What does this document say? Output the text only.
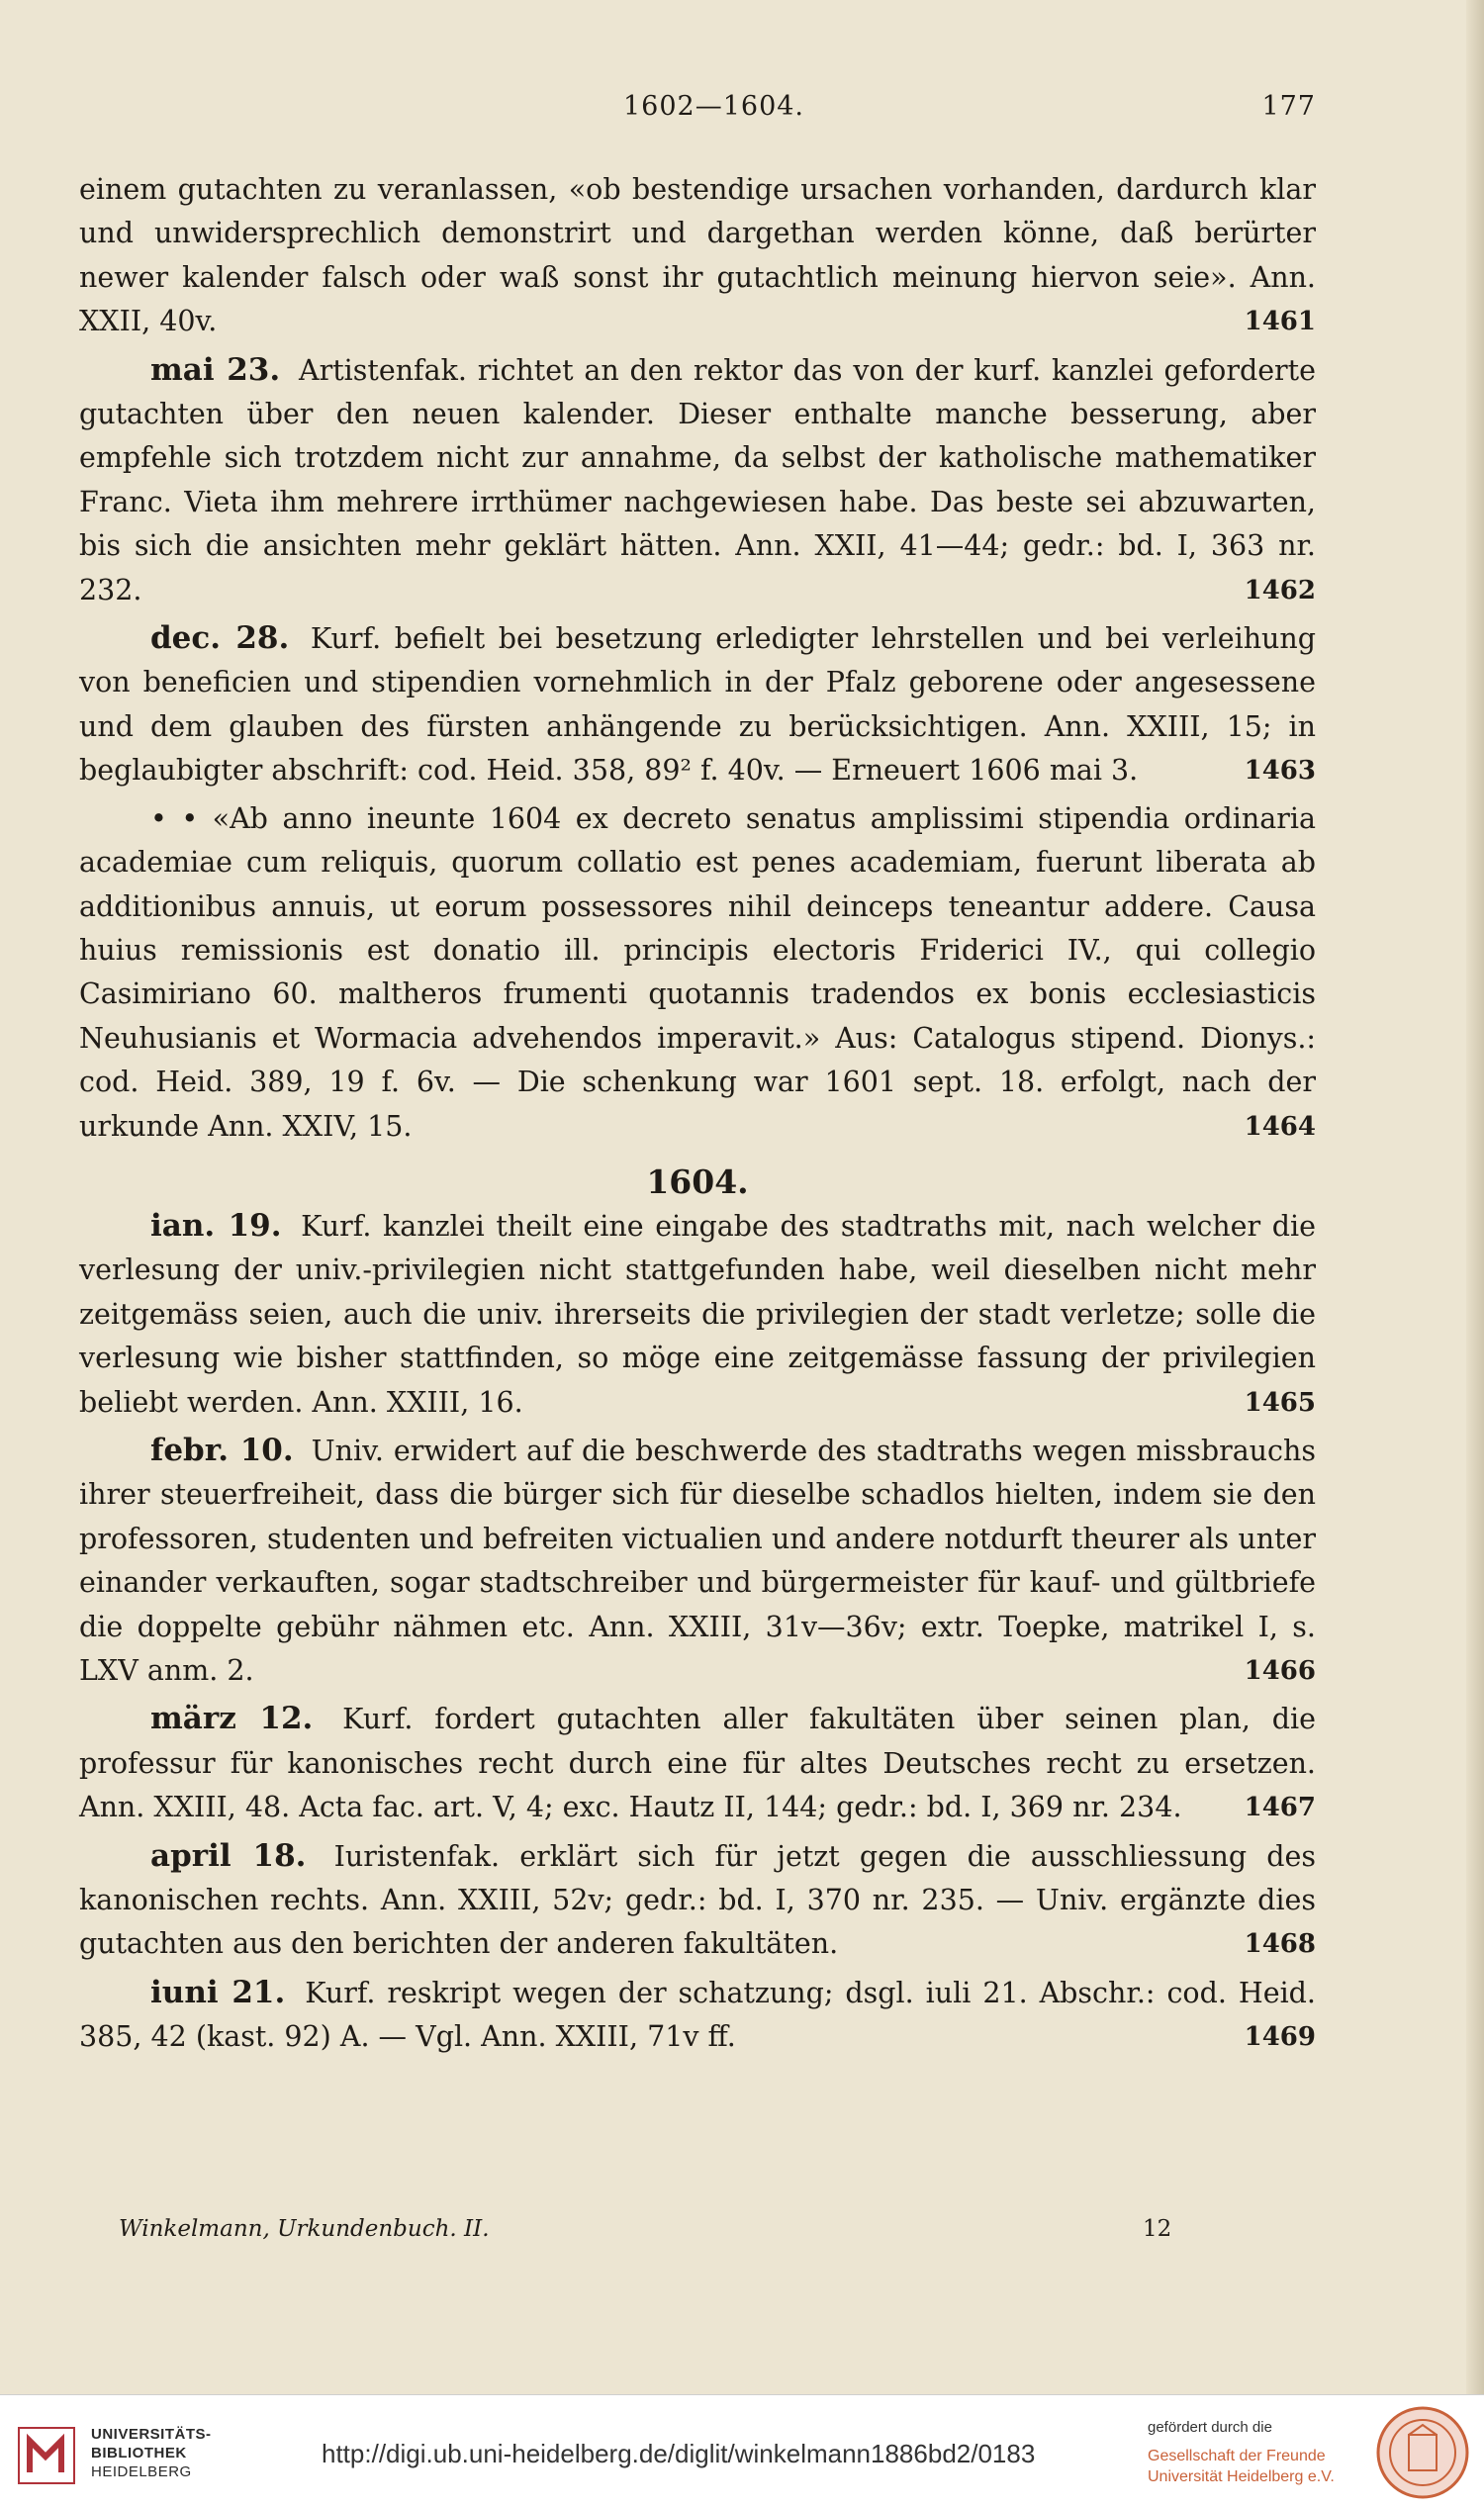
1602—1604.	177
einem gutachten zu veranlassen, «ob bestendige ursachen vorhanden, dardurch klar und unwidersprechlich demonstrirt und dargethan werden könne, daß berürter newer kalender falsch oder waß sonst ihr gutachtlich meinung hiervon seie». Ann. XXII, 40v.	1461
mai 23. Artistenfak. richtet an den rektor das von der kurf. kanzlei geforderte gutachten über den neuen kalender. Dieser enthalte manche besserung, aber empfehle sich trotzdem nicht zur annahme, da selbst der katholische mathematiker Franc. Vieta ihm mehrere irrthümer nachgewiesen habe. Das beste sei abzuwarten, bis sich die ansichten mehr geklärt hätten. Ann. XXII, 41—44; gedr.: bd. I, 363 nr. 232.	1462
dec. 28. Kurf. befielt bei besetzung erledigter lehrstellen und bei verleihung von beneficien und stipendien vornehmlich in der Pfalz geborene oder angesessene und dem glauben des fürsten anhängende zu berücksichtigen. Ann. XXIII, 15; in beglaubigter abschrift: cod. Heid. 358, 89² f. 40v. — Erneuert 1606 mai 3.	1463
• • «Ab anno ineunte 1604 ex decreto senatus amplissimi stipendia ordinaria academiae cum reliquis, quorum collatio est penes academiam, fuerunt liberata ab additionibus annuis, ut eorum possessores nihil deinceps teneantur addere. Causa huius remissionis est donatio ill. principis electoris Friderici IV., qui collegio Casimiriano 60. maltheros frumenti quotannis tradendos ex bonis ecclesiasticis Neuhusianis et Wormacia advehendos imperavit.» Aus: Catalogus stipend. Dionys.: cod. Heid. 389, 19 f. 6v. — Die schenkung war 1601 sept. 18. erfolgt, nach der urkunde Ann. XXIV, 15.	1464
1604.
ian. 19. Kurf. kanzlei theilt eine eingabe des stadtraths mit, nach welcher die verlesung der univ.-privilegien nicht stattgefunden habe, weil dieselben nicht mehr zeitgemäss seien, auch die univ. ihrerseits die privilegien der stadt verletze; solle die verlesung wie bisher stattfinden, so möge eine zeitgemässe fassung der privilegien beliebt werden. Ann. XXIII, 16.	1465
febr. 10. Univ. erwidert auf die beschwerde des stadtraths wegen missbrauchs ihrer steuerfreiheit, dass die bürger sich für dieselbe schadlos hielten, indem sie den professoren, studenten und befreiten victualien und andere notdurft theurer als unter einander verkauften, sogar stadtschreiber und bürgermeister für kauf- und gültbriefe die doppelte gebühr nähmen etc. Ann. XXIII, 31v—36v; extr. Toepke, matrikel I, s. LXV anm. 2.	1466
märz 12. Kurf. fordert gutachten aller fakultäten über seinen plan, die professur für kanonisches recht durch eine für altes Deutsches recht zu ersetzen. Ann. XXIII, 48. Acta fac. art. V, 4; exc. Hautz II, 144; gedr.: bd. I, 369 nr. 234. 1467
april 18. Iuristenfak. erklärt sich für jetzt gegen die ausschliessung des kanonischen rechts. Ann. XXIII, 52v; gedr.: bd. I, 370 nr. 235. — Univ. ergänzte dies gutachten aus den berichten der anderen fakultäten.	1468
iuni 21. Kurf. reskript wegen der schatzung; dsgl. iuli 21. Abschr.: cod. Heid. 385, 42 (kast. 92) A. — Vgl. Ann. XXIII, 71v ff.	1469
Winkelmann, Urkundenbuch. II.	12
UNIVERSITÄTS-
BIBLIOTHEK
HEIDELBERG
http://digi.ub.uni-heidelberg.de/diglit/winkelmann1886bd2/0183
gefördert durch die
Gesellschaft der Freunde
Universität Heidelberg e.V.
